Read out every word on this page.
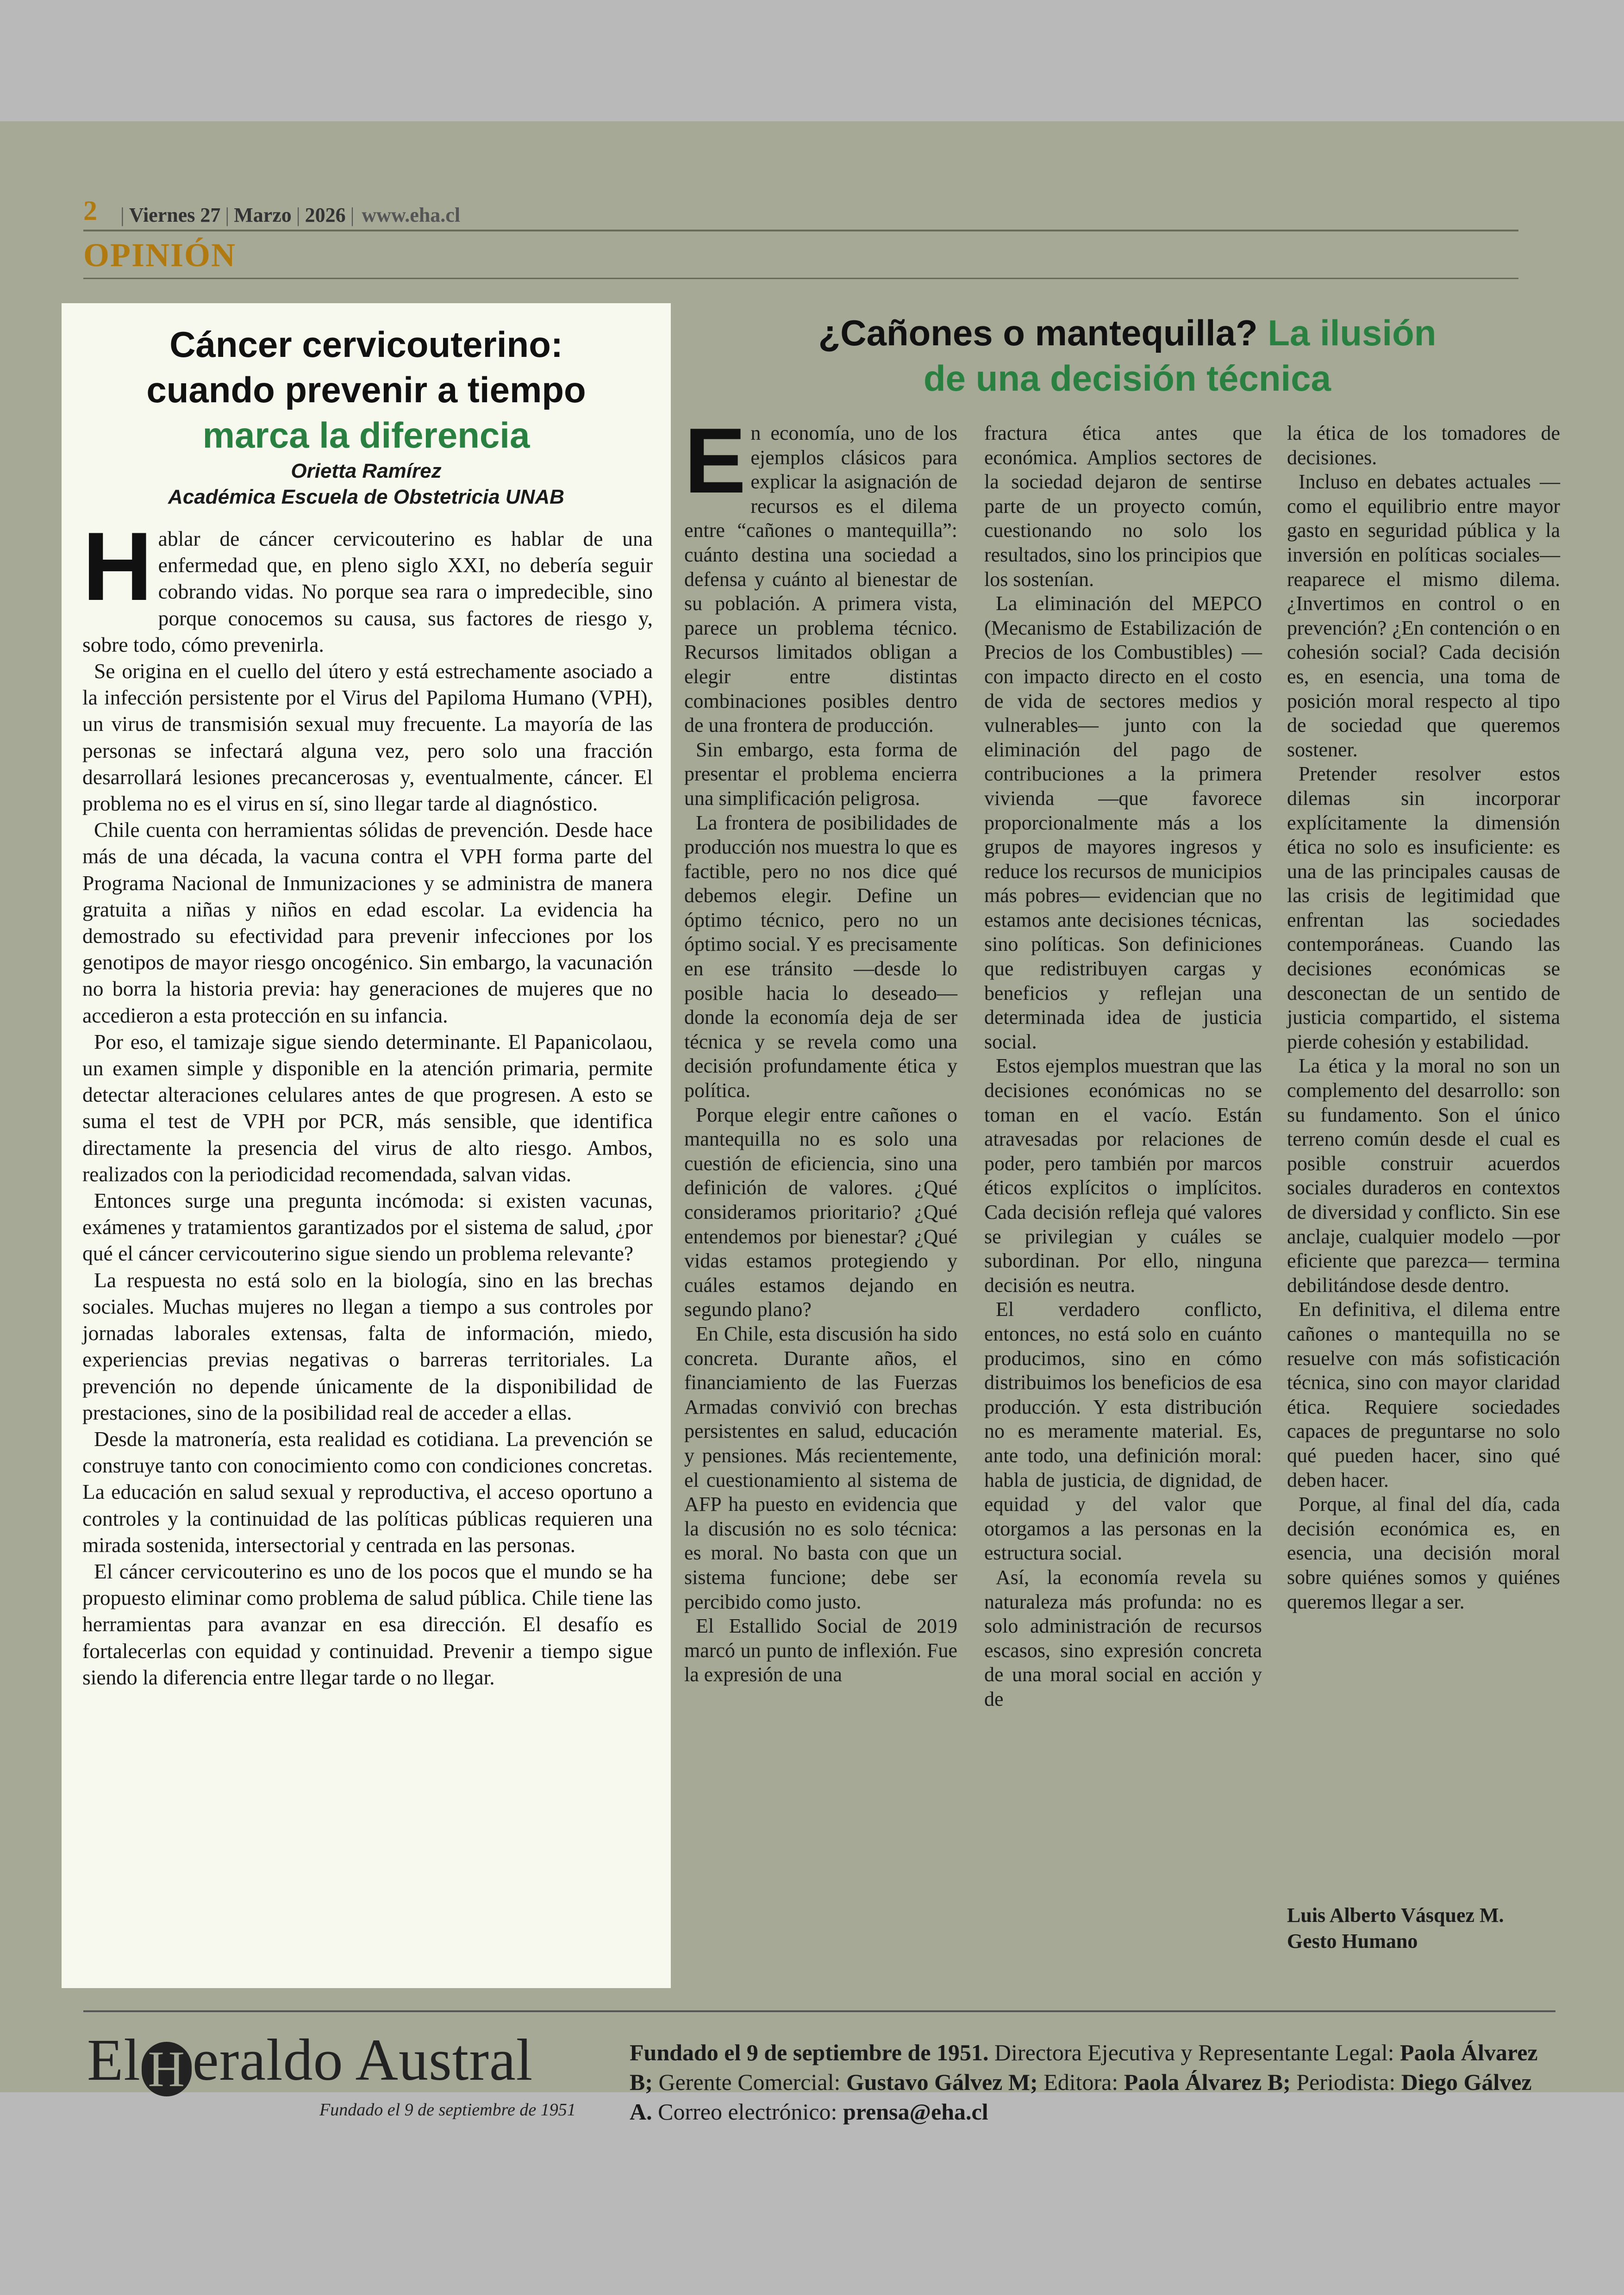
2 | Viernes 27 | Marzo | 2026 | www.eha.cl
OPINIÓN
Cáncer cervicouterino:
cuando prevenir a tiempo
marca la diferencia
Orietta Ramírez
Académica Escuela de Obstetricia UNAB

Hablar de cáncer cervicouterino es hablar de una enfermedad que, en pleno siglo XXI, no debería seguir cobrando vidas. No porque sea rara o impredecible, sino porque conocemos su causa, sus factores de riesgo y, sobre todo, cómo prevenirla.

Se origina en el cuello del útero y está estrechamente asociado a la infección persistente por el Virus del Papiloma Humano (VPH), un virus de transmisión sexual muy frecuente. La mayoría de las personas se infectará alguna vez, pero solo una fracción desarrollará lesiones precancerosas y, eventualmente, cáncer. El problema no es el virus en sí, sino llegar tarde al diagnóstico.

Chile cuenta con herramientas sólidas de prevención. Desde hace más de una década, la vacuna contra el VPH forma parte del Programa Nacional de Inmunizaciones y se administra de manera gratuita a niñas y niños en edad escolar. La evidencia ha demostrado su efectividad para prevenir infecciones por los genotipos de mayor riesgo oncogénico. Sin embargo, la vacunación no borra la historia previa: hay generaciones de mujeres que no accedieron a esta protección en su infancia.

Por eso, el tamizaje sigue siendo determinante. El Papanicolaou, un examen simple y disponible en la atención primaria, permite detectar alteraciones celulares antes de que progresen. A esto se suma el test de VPH por PCR, más sensible, que identifica directamente la presencia del virus de alto riesgo. Ambos, realizados con la periodicidad recomendada, salvan vidas.

Entonces surge una pregunta incómoda: si existen vacunas, exámenes y tratamientos garantizados por el sistema de salud, ¿por qué el cáncer cervicouterino sigue siendo un problema relevante?

La respuesta no está solo en la biología, sino en las brechas sociales. Muchas mujeres no llegan a tiempo a sus controles por jornadas laborales extensas, falta de información, miedo, experiencias previas negativas o barreras territoriales. La prevención no depende únicamente de la disponibilidad de prestaciones, sino de la posibilidad real de acceder a ellas.

Desde la matronería, esta realidad es cotidiana. La prevención se construye tanto con conocimiento como con condiciones concretas. La educación en salud sexual y reproductiva, el acceso oportuno a controles y la continuidad de las políticas públicas requieren una mirada sostenida, intersectorial y centrada en las personas.

El cáncer cervicouterino es uno de los pocos que el mundo se ha propuesto eliminar como problema de salud pública. Chile tiene las herramientas para avanzar en esa dirección. El desafío es fortalecerlas con equidad y continuidad. Prevenir a tiempo sigue siendo la diferencia entre llegar tarde o no llegar.

¿Cañones o mantequilla? La ilusión
de una decisión técnica

En economía, uno de los ejemplos clásicos para explicar la asignación de recursos es el dilema entre “cañones o mantequilla”: cuánto destina una sociedad a defensa y cuánto al bienestar de su población. A primera vista, parece un problema técnico. Recursos limitados obligan a elegir entre distintas combinaciones posibles dentro de una frontera de producción.

Sin embargo, esta forma de presentar el problema encierra una simplificación peligrosa.

La frontera de posibilidades de producción nos muestra lo que es factible, pero no nos dice qué debemos elegir. Define un óptimo técnico, pero no un óptimo social. Y es precisamente en ese tránsito —desde lo posible hacia lo deseado— donde la economía deja de ser técnica y se revela como una decisión profundamente ética y política.

Porque elegir entre cañones o mantequilla no es solo una cuestión de eficiencia, sino una definición de valores. ¿Qué consideramos prioritario? ¿Qué entendemos por bienestar? ¿Qué vidas estamos protegiendo y cuáles estamos dejando en segundo plano?

En Chile, esta discusión ha sido concreta. Durante años, el financiamiento de las Fuerzas Armadas convivió con brechas persistentes en salud, educación y pensiones. Más recientemente, el cuestionamiento al sistema de AFP ha puesto en evidencia que la discusión no es solo técnica: es moral. No basta con que un sistema funcione; debe ser percibido como justo.

El Estallido Social de 2019 marcó un punto de inflexión. Fue la expresión de una

fractura ética antes que económica. Amplios sectores de la sociedad dejaron de sentirse parte de un proyecto común, cuestionando no solo los resultados, sino los principios que los sostenían.

La eliminación del MEPCO (Mecanismo de Estabilización de Precios de los Combustibles) —con impacto directo en el costo de vida de sectores medios y vulnerables— junto con la eliminación del pago de contribuciones a la primera vivienda —que favorece proporcionalmente más a los grupos de mayores ingresos y reduce los recursos de municipios más pobres— evidencian que no estamos ante decisiones técnicas, sino políticas. Son definiciones que redistribuyen cargas y beneficios y reflejan una determinada idea de justicia social.

Estos ejemplos muestran que las decisiones económicas no se toman en el vacío. Están atravesadas por relaciones de poder, pero también por marcos éticos explícitos o implícitos. Cada decisión refleja qué valores se privilegian y cuáles se subordinan. Por ello, ninguna decisión es neutra.

El verdadero conflicto, entonces, no está solo en cuánto producimos, sino en cómo distribuimos los beneficios de esa producción. Y esta distribución no es meramente material. Es, ante todo, una definición moral: habla de justicia, de dignidad, de equidad y del valor que otorgamos a las personas en la estructura social.

Así, la economía revela su naturaleza más profunda: no es solo administración de recursos escasos, sino expresión concreta de una moral social en acción y de

la ética de los tomadores de decisiones.

Incluso en debates actuales —como el equilibrio entre mayor gasto en seguridad pública y la inversión en políticas sociales— reaparece el mismo dilema. ¿Invertimos en control o en prevención? ¿En contención o en cohesión social? Cada decisión es, en esencia, una toma de posición moral respecto al tipo de sociedad que queremos sostener.

Pretender resolver estos dilemas sin incorporar explícitamente la dimensión ética no solo es insuficiente: es una de las principales causas de las crisis de legitimidad que enfrentan las sociedades contemporáneas. Cuando las decisiones económicas se desconectan de un sentido de justicia compartido, el sistema pierde cohesión y estabilidad.

La ética y la moral no son un complemento del desarrollo: son su fundamento. Son el único terreno común desde el cual es posible construir acuerdos sociales duraderos en contextos de diversidad y conflicto. Sin ese anclaje, cualquier modelo —por eficiente que parezca— termina debilitándose desde dentro.

En definitiva, el dilema entre cañones o mantequilla no se resuelve con más sofisticación técnica, sino con mayor claridad ética. Requiere sociedades capaces de preguntarse no solo qué pueden hacer, sino qué deben hacer.

Porque, al final del día, cada decisión económica es, en esencia, una decisión moral sobre quiénes somos y quiénes queremos llegar a ser.

Luis Alberto Vásquez M.
Gesto Humano
El H eraldo Austral
Fundado el 9 de septiembre de 1951
Fundado el 9 de septiembre de 1951. Directora Ejecutiva y Representante Legal: Paola Álvarez B; Gerente Comercial: Gustavo Gálvez M; Editora: Paola Álvarez B; Periodista: Diego Gálvez A. Correo electrónico: prensa@eha.cl
